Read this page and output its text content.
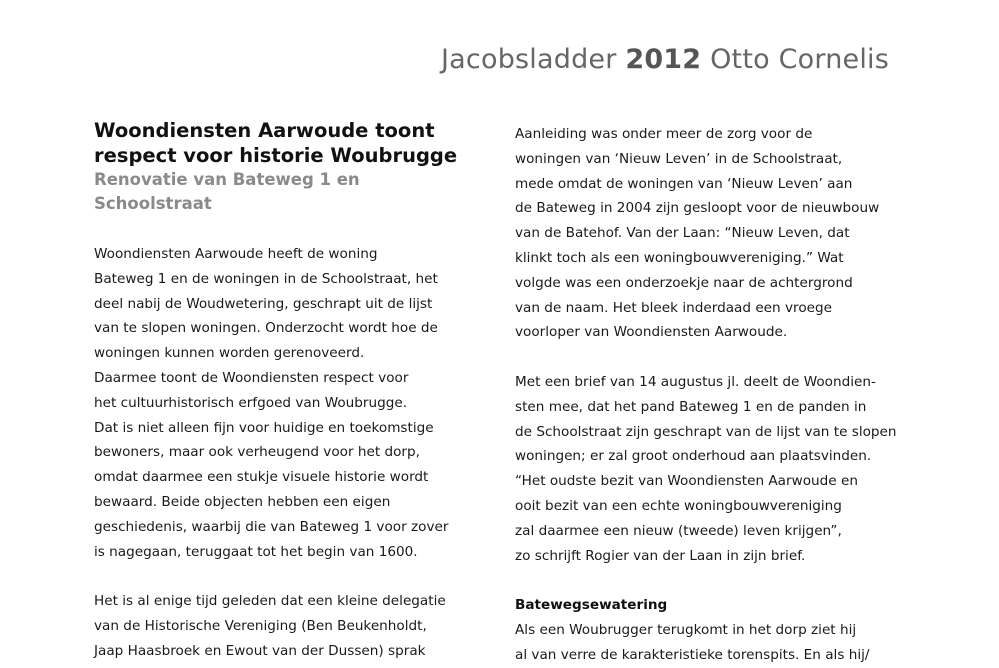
Jacobsladder 2012 Otto Cornelis
Woondiensten Aarwoude toont
respect voor historie Woubrugge
Renovatie van Bateweg 1 en
Schoolstraat
Woondiensten Aarwoude heeft de woning
Bateweg 1 en de woningen in de Schoolstraat, het
deel nabij de Woudwetering, geschrapt uit de lijst
van te slopen woningen. Onderzocht wordt hoe de
woningen kunnen worden gerenoveerd.
Daarmee toont de Woondiensten respect voor
het cultuurhistorisch erfgoed van Woubrugge.
Dat is niet alleen fijn voor huidige en toekomstige
bewoners, maar ook verheugend voor het dorp,
omdat daarmee een stukje visuele historie wordt
bewaard. Beide objecten hebben een eigen
geschiedenis, waarbij die van Bateweg 1 voor zover
is nagegaan, teruggaat tot het begin van 1600.
Het is al enige tijd geleden dat een kleine delegatie
van de Historische Vereniging (Ben Beukenholdt,
Jaap Haasbroek en Ewout van der Dussen) sprak
Aanleiding was onder meer de zorg voor de
woningen van ‘Nieuw Leven’ in de Schoolstraat,
mede omdat de woningen van ‘Nieuw Leven’ aan
de Bateweg in 2004 zijn gesloopt voor de nieuwbouw
van de Batehof. Van der Laan: “Nieuw Leven, dat
klinkt toch als een woningbouwvereniging.” Wat
volgde was een onderzoekje naar de achtergrond
van de naam. Het bleek inderdaad een vroege
voorloper van Woondiensten Aarwoude.
Met een brief van 14 augustus jl. deelt de Woondien-
sten mee, dat het pand Bateweg 1 en de panden in
de Schoolstraat zijn geschrapt van de lijst van te slopen
woningen; er zal groot onderhoud aan plaatsvinden.
“Het oudste bezit van Woondiensten Aarwoude en
ooit bezit van een echte woningbouwvereniging
zal daarmee een nieuw (tweede) leven krijgen”,
zo schrijft Rogier van der Laan in zijn brief.
Batewegsewatering
Als een Woubrugger terugkomt in het dorp ziet hij
al van verre de karakteristieke torenspits. En als hij/
